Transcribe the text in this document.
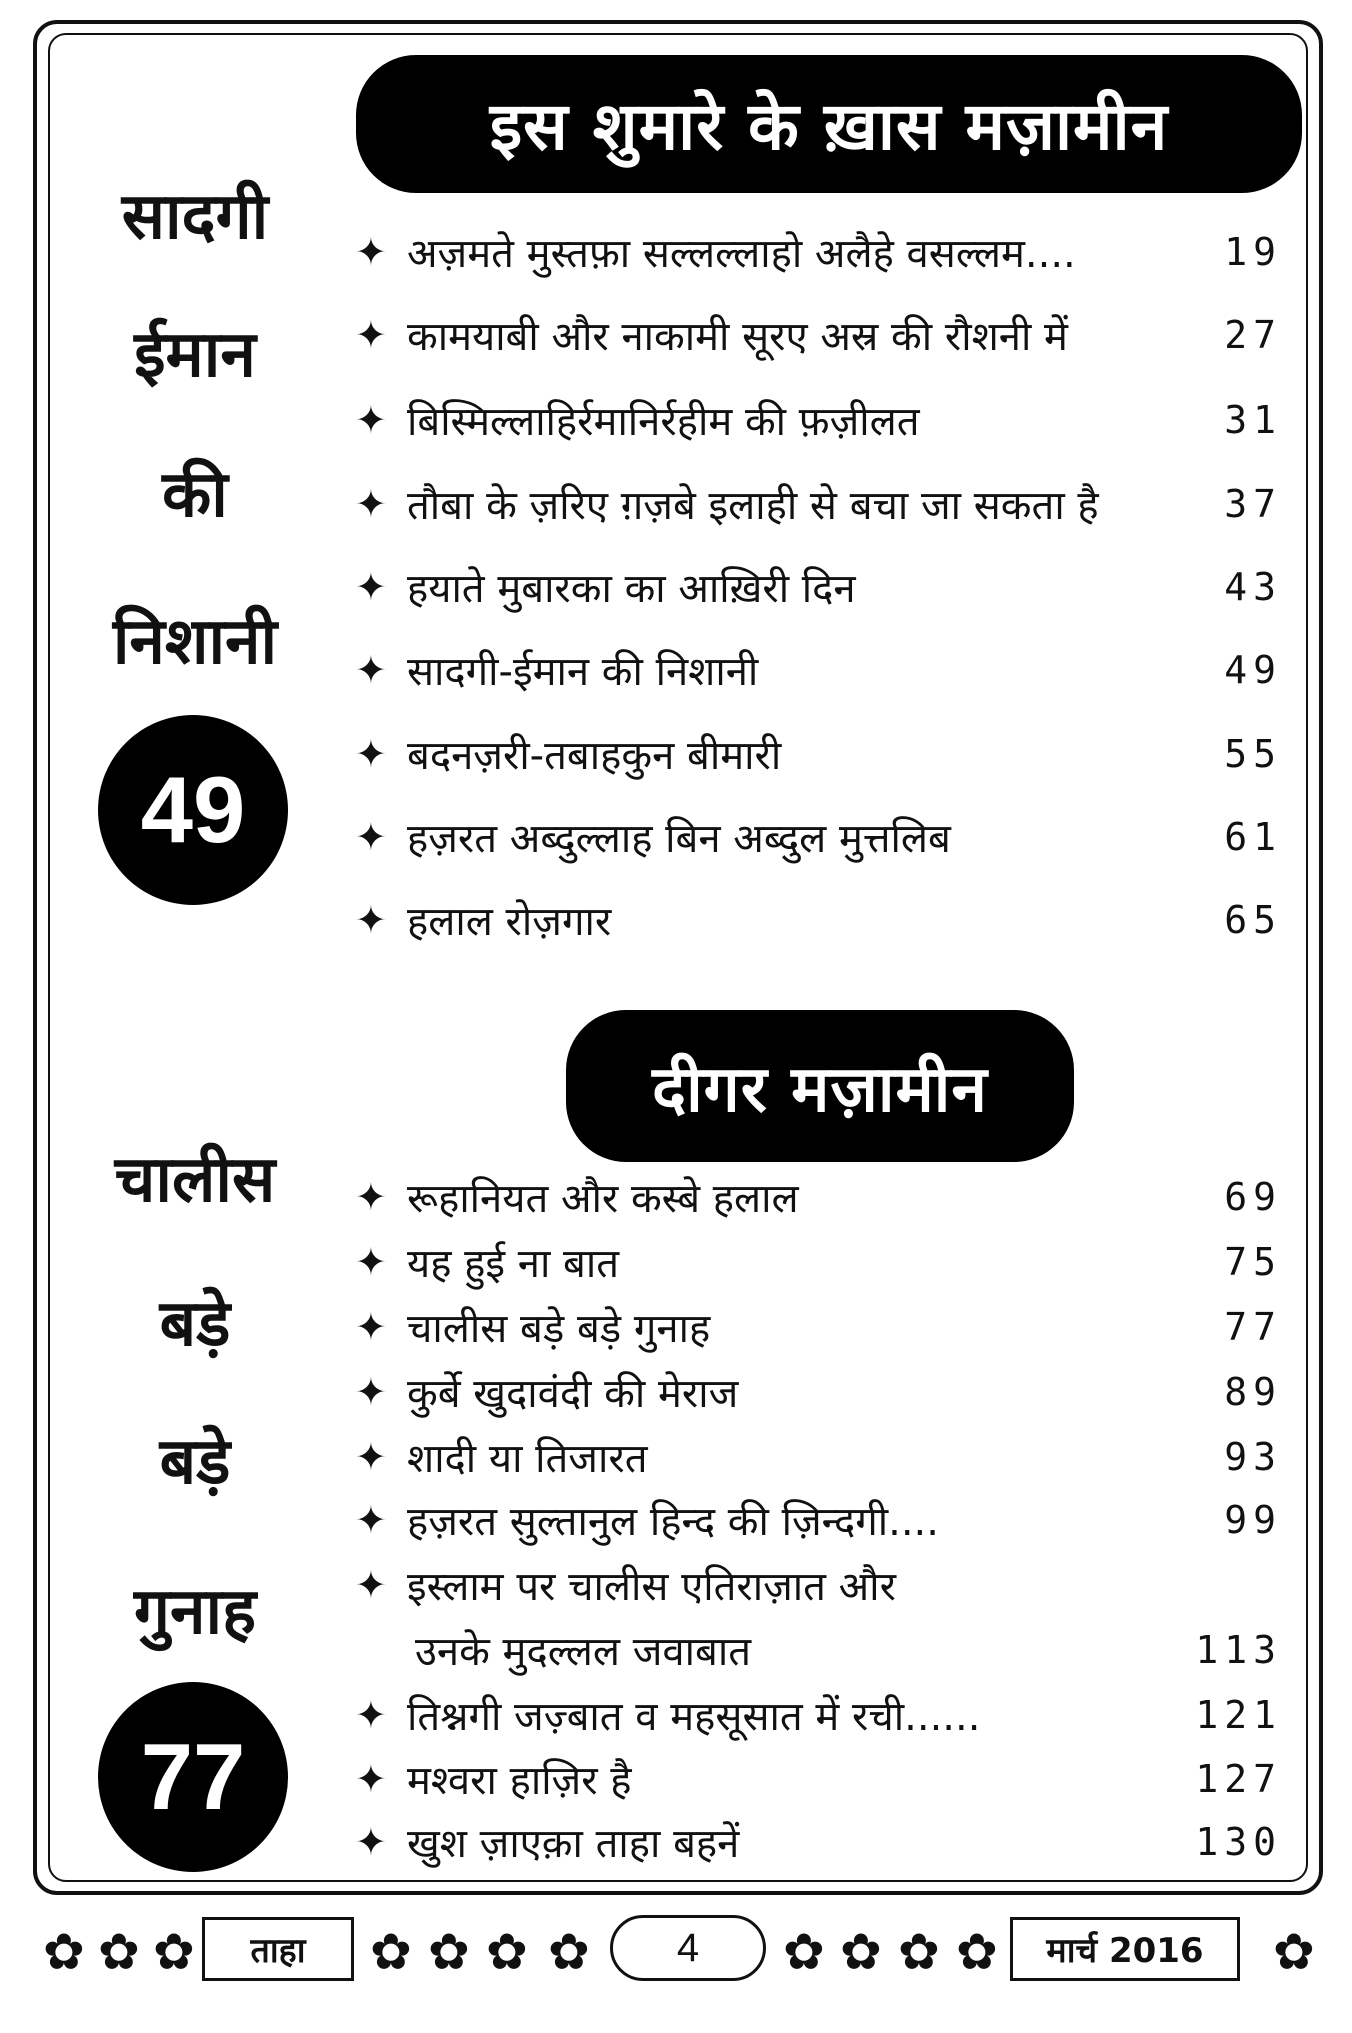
इस शुमारे के ख़ास मज़ामीन
सादगी
ईमान
की
निशानी
49
✦ अज़मते मुस्तफ़ा सल्लल्लाहो अलैहे वसल्लम....	19
✦ कामयाबी और नाकामी सूरए अस्र की रौशनी में	27
✦ बिस्मिल्लाहिर्रमानिर्रहीम की फ़ज़ीलत	31
✦ तौबा के ज़रिए ग़ज़बे इलाही से बचा जा सकता है	37
✦ हयाते मुबारका का आख़िरी दिन	43
✦ सादगी-ईमान की निशानी	49
✦ बदनज़री-तबाहकुन बीमारी	55
✦ हज़रत अब्दुल्लाह बिन अब्दुल मुत्तलिब	61
✦ हलाल रोज़गार	65
दीगर मज़ामीन
चालीस
बड़े
बड़े
गुनाह
77
✦ रूहानियत और कस्बे हलाल	69
✦ यह हुई ना बात	75
✦ चालीस बड़े बड़े गुनाह	77
✦ कुर्बे खुदावंदी की मेराज	89
✦ शादी या तिजारत	93
✦ हज़रत सुल्तानुल हिन्द की ज़िन्दगी....	99
✦ इस्लाम पर चालीस एतिराज़ात और
उनके मुदल्लल जवाबात	113
✦ तिश्नगी जज़्बात व महसूसात में रची......	121
✦ मश्वरा हाज़िर है	127
✦ खुश ज़ाएक़ा ताहा बहनें	130
✿ ✿ ✿	ताहा	✿ ✿ ✿ ✿	4	✿ ✿ ✿ ✿	मार्च 2016	✿
